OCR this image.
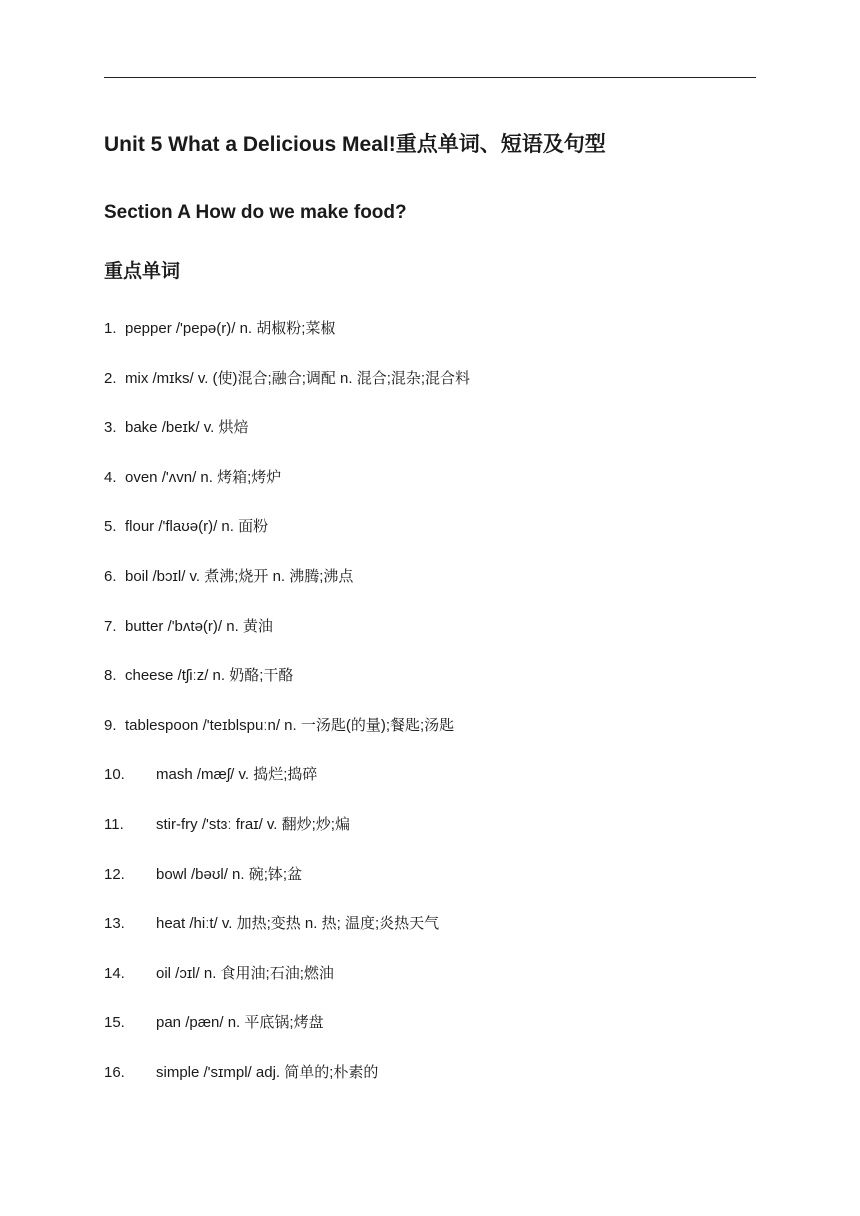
Unit 5 What a Delicious Meal!重点单词、短语及句型
Section A How do we make food?
重点单词
1. pepper /'pepə(r)/ n. 胡椒粉;菜椒
2. mix /mɪks/ v. (使)混合;融合;调配 n. 混合;混杂;混合料
3. bake /beɪk/ v. 烘焙
4. oven /'ʌvn/ n. 烤箱;烤炉
5. flour /'flaʊə(r)/ n. 面粉
6. boil /bɔɪl/ v. 煮沸;烧开 n. 沸腾;沸点
7. butter /'bʌtə(r)/ n. 黄油
8. cheese /tʃiːz/ n. 奶酪;干酪
9. tablespoon /'teɪblspuːn/ n. 一汤匙(的量);餐匙;汤匙
10. mash /mæʃ/ v. 捣烂;捣碎
11. stir-fry /'stɜː fraɪ/ v. 翻炒;炒;煸
12. bowl /bəʊl/ n. 碗;钵;盆
13. heat /hiːt/ v. 加热;变热 n. 热; 温度;炎热天气
14. oil /ɔɪl/ n. 食用油;石油;燃油
15. pan /pæn/ n. 平底锅;烤盘
16. simple /'sɪmpl/ adj. 简单的;朴素的
